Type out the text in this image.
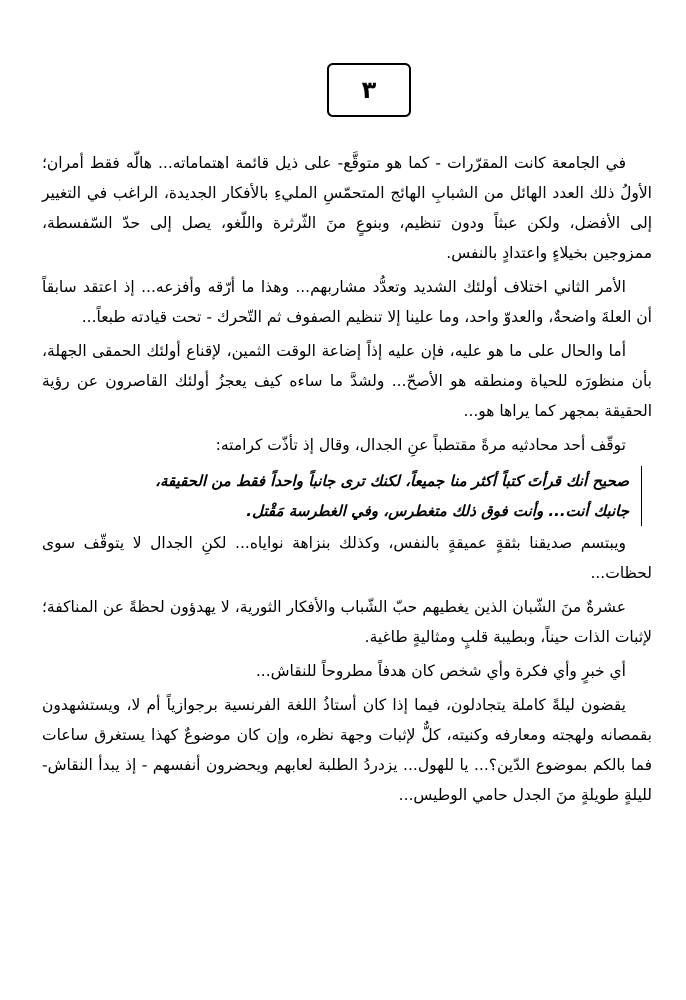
٣

في الجامعة كانت المقرّرات - كما هو متوقَّع- على ذيل قائمة اهتماماته... هالّه فقط أمران؛ الأولُ ذلك العدد الهائل من الشبابِ الهائج المتحمّسِ المليءِ بالأفكار الجديدة، الراغب في التغيير إلى الأفضل، ولكن عبثاً ودون تنظيم، وبنوعٍ منَ الثّرثرة واللّغو، يصل إلى حدّ السّفسطة، ممزوجين بخيلاءٍ واعتدادٍ بالنفس.

الأمر الثاني اختلاف أولئك الشديد وتعدُّد مشاربهم... وهذا ما أرّقه وأفزعه... إذ اعتقد سابقاً أن العلةَ واضحةٌ، والعدوّ واحد، وما علينا إلا تنظيم الصفوف ثم التّحرك - تحت قيادته طبعاً...

أما والحال على ما هو عليه، فإن عليه إذاً إضاعة الوقت الثمين، لإقناع أولئك الحمقى الجهلة، بأن منظورَه للحياة ومنطقه هو الأصحّ... ولشدَّ ما ساءه كيف يعجزُ أولئك القاصرون عن رؤية الحقيقة بمجهر كما يراها هو...

توقّف أحد محادثيه مرةً مقتطباً عنِ الجدال، وقال إذ تأذّت كرامته:

صحيح أنك قرأتَ كتباً أكثر منا جميعاً، لكنك ترى جانباً واحداً فقط من الحقيقة،

جانبك أنت... وأنت فوق ذلك متغطرس، وفي الغطرسة مَقْتل.

ويبتسم صديقنا بثقةٍ عميقةٍ بالنفس، وكذلك بنزاهة نواياه... لكنِ الجدال لا يتوقّف سوى لحظات...

عشرةٌ منَ الشّبان الذين يغطيهم حبّ الشّباب والأفكار الثورية، لا يهدؤون لحظةً عن المناكفة؛ لإثبات الذات حيناً، وبطيبة قلبٍ ومثاليةٍ طاغية.

أي خبرٍ وأي فكرة وأي شخص كان هدفاً مطروحاً للنقاش...

يقضون ليلةً كاملة يتجادلون، فيما إذا كان أستاذُ اللغة الفرنسية برجوازياً أم لا، ويستشهدون بقمصانه ولهجته ومعارفه وكنيته، كلٌّ لإثبات وجهة نظره، وإن كان موضوعٌ كهذا يستغرق ساعات فما بالكم بموضوع الدّين؟... يا للهول... يزدردُ الطلبة لعابهم ويحضرون أنفسهم - إذ يبدأ النقاش- لليلةٍ طويلةٍ منَ الجدل حامي الوطيس...
